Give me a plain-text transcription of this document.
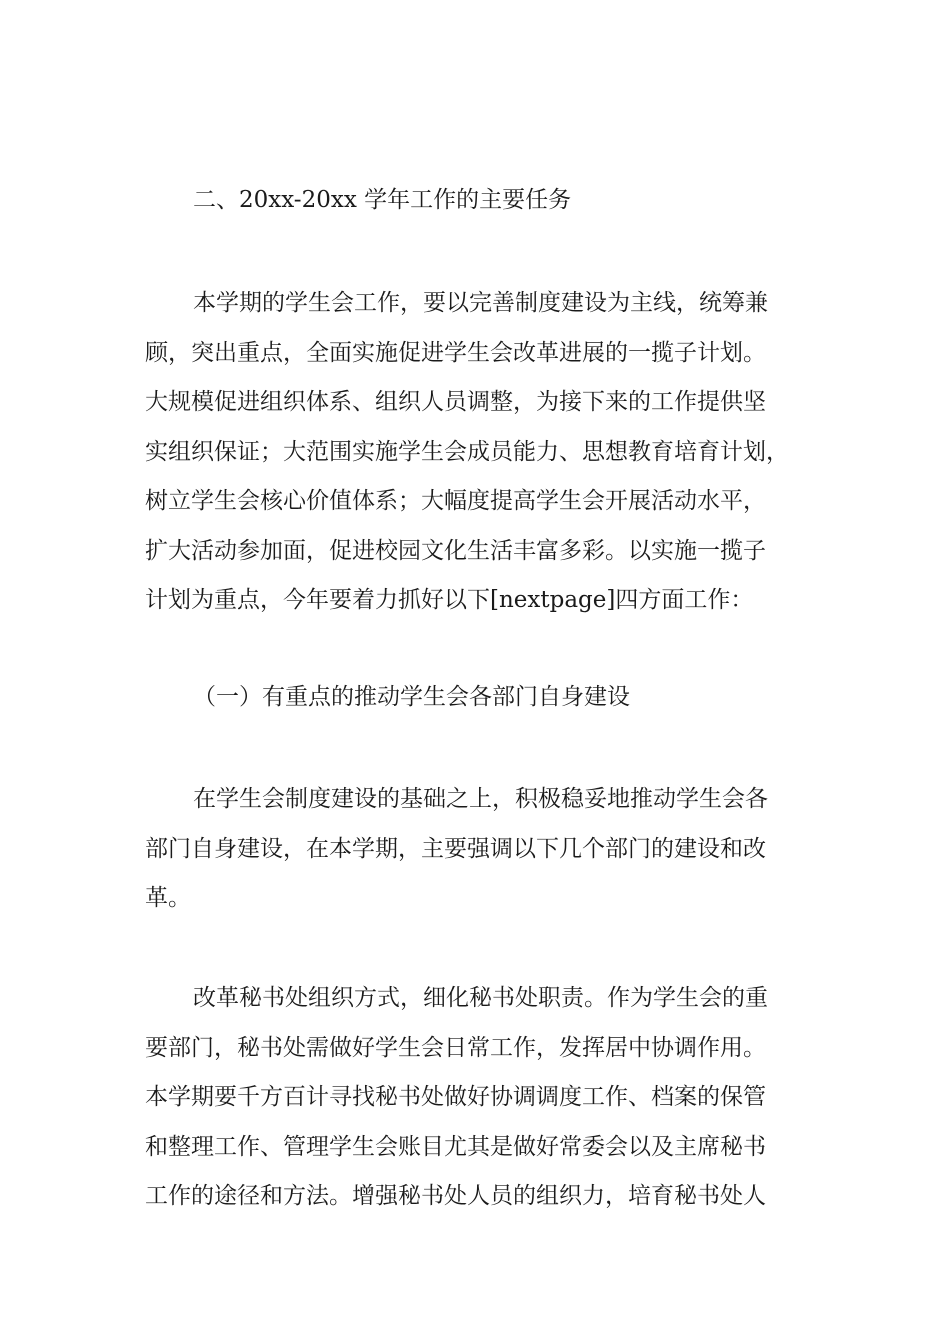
二、20xx-20xx 学年工作的主要任务
本学期的学生会工作，要以完善制度建设为主线，统筹兼
顾，突出重点，全面实施促进学生会改革进展的一揽子计划。
大规模促进组织体系、组织人员调整，为接下来的工作提供坚
实组织保证；大范围实施学生会成员能力、思想教育培育计划，
树立学生会核心价值体系；大幅度提高学生会开展活动水平，
扩大活动参加面，促进校园文化生活丰富多彩。以实施一揽子
计划为重点，今年要着力抓好以下[nextpage]四方面工作：
（一）有重点的推动学生会各部门自身建设
在学生会制度建设的基础之上，积极稳妥地推动学生会各
部门自身建设，在本学期，主要强调以下几个部门的建设和改
革。
改革秘书处组织方式，细化秘书处职责。作为学生会的重
要部门，秘书处需做好学生会日常工作，发挥居中协调作用。
本学期要千方百计寻找秘书处做好协调调度工作、档案的保管
和整理工作、管理学生会账目尤其是做好常委会以及主席秘书
工作的途径和方法。增强秘书处人员的组织力，培育秘书处人
